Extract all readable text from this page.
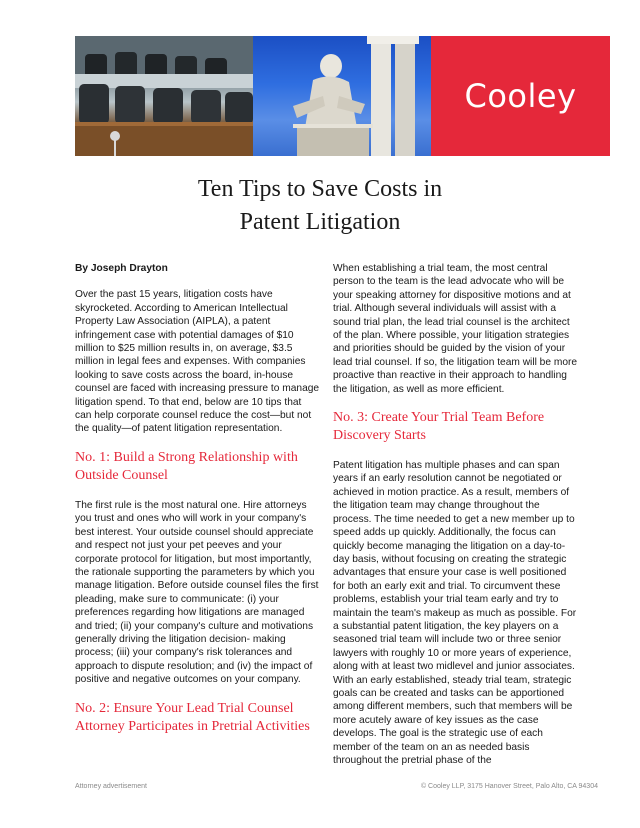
Cooley
Ten Tips to Save Costs in
Patent Litigation
By Joseph Drayton
Over the past 15 years, litigation costs have skyrocketed. According to American Intellectual Property Law Association (AIPLA), a patent infringement case with potential damages of $10 million to $25 million results in, on average, $3.5 million in legal fees and expenses. With companies looking to save costs across the board, in-house counsel are faced with increasing pressure to manage litigation spend. To that end, below are 10 tips that can help corporate counsel reduce the cost—but not the quality—of patent litigation representation.
No. 1: Build a Strong Relationship with Outside Counsel
The first rule is the most natural one. Hire attorneys you trust and ones who will work in your company's best interest. Your outside counsel should appreciate and respect not just your pet peeves and your corporate protocol for litigation, but most importantly, the rationale supporting the parameters by which you manage litigation. Before outside counsel files the first pleading, make sure to communicate: (i) your preferences regarding how litigations are managed and tried; (ii) your company's culture and motivations generally driving the litigation decision- making process; (iii) your company's risk tolerances and approach to dispute resolution; and (iv) the impact of positive and negative outcomes on your company.
No. 2: Ensure Your Lead Trial Counsel Attorney Participates in Pretrial Activities
When establishing a trial team, the most central person to the team is the lead advocate who will be your speaking attorney for dispositive motions and at trial. Although several individuals will assist with a sound trial plan, the lead trial counsel is the architect of the plan. Where possible, your litigation strategies and priorities should be guided by the vision of your lead trial counsel. If so, the litigation team will be more proactive than reactive in their approach to handling the litigation, as well as more efficient.
No. 3: Create Your Trial Team Before Discovery Starts
Patent litigation has multiple phases and can span years if an early resolution cannot be negotiated or achieved in motion practice. As a result, members of the litigation team may change throughout the process. The time needed to get a new member up to speed adds up quickly. Additionally, the focus can quickly become managing the litigation on a day-to-day basis, without focusing on creating the strategic advantages that ensure your case is well positioned for both an early exit and trial. To circumvent these problems, establish your trial team early and try to maintain the team's makeup as much as possible. For a substantial patent litigation, the key players on a seasoned trial team will include two or three senior lawyers with roughly 10 or more years of experience, along with at least two midlevel and junior associates. With an early established, steady trial team, strategic goals can be created and tasks can be apportioned among different members, such that members will be more acutely aware of key issues as the case develops. The goal is the strategic use of each member of the team on an as needed basis throughout the pretrial phase of the
Attorney advertisement	© Cooley LLP, 3175 Hanover Street, Palo Alto, CA 94304
